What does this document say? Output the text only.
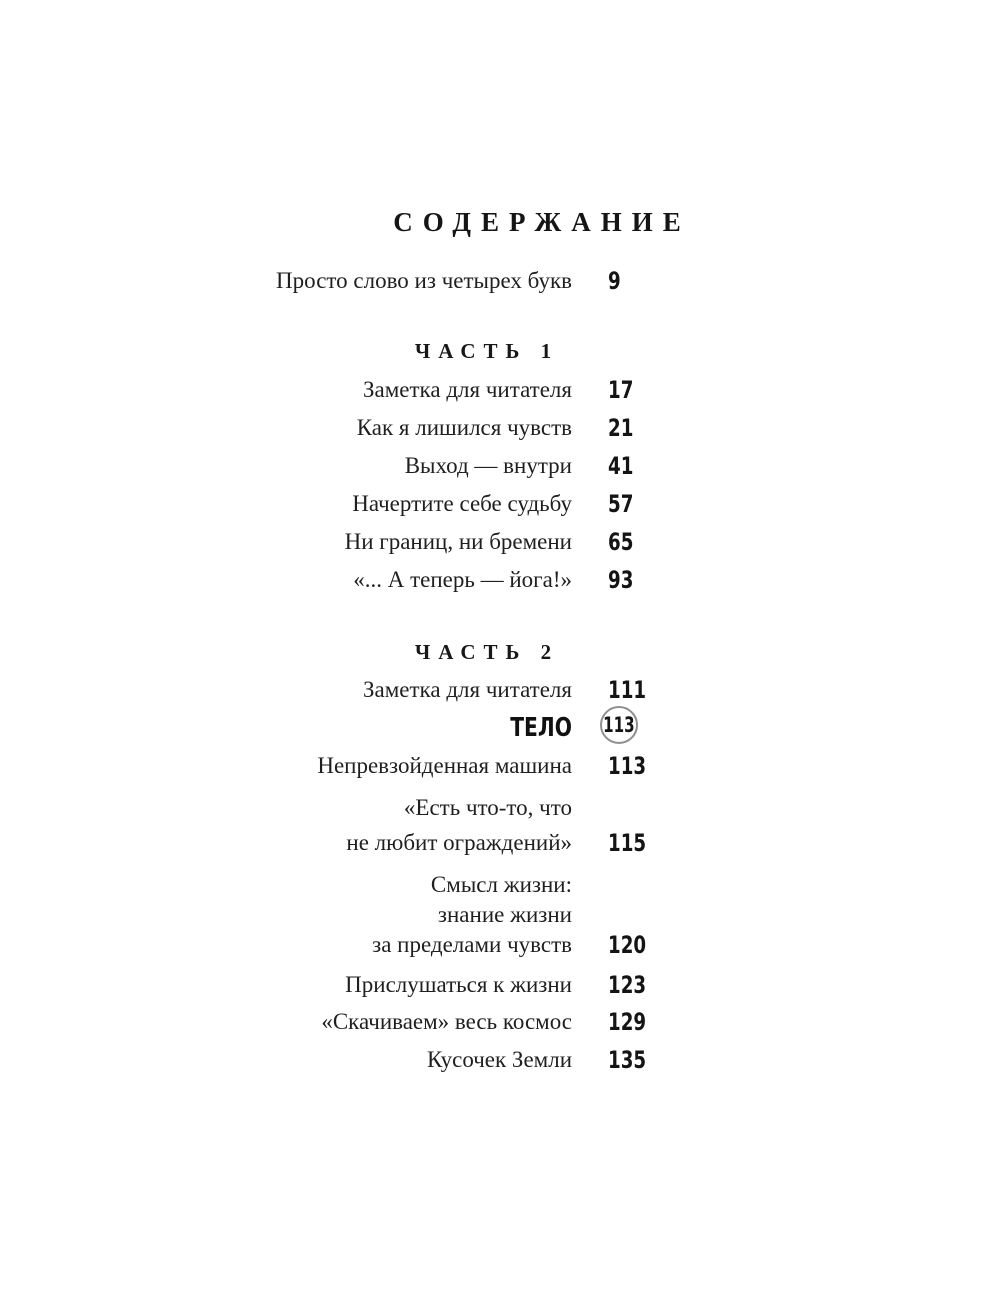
СОДЕРЖАНИЕ
Просто слово из четырех букв 9
ЧАСТЬ 1
Заметка для читателя 17
Как я лишился чувств 21
Выход — внутри 41
Начертите себе судьбу 57
Ни границ, ни бремени 65
«... А теперь — йога!» 93
ЧАСТЬ 2
Заметка для читателя 111
ТЕЛО 113
Непревзойденная машина 113
«Есть что-то, что
не любит ограждений» 115
Смысл жизни:
знание жизни
за пределами чувств 120
Прислушаться к жизни 123
«Скачиваем» весь космос 129
Кусочек Земли 135
